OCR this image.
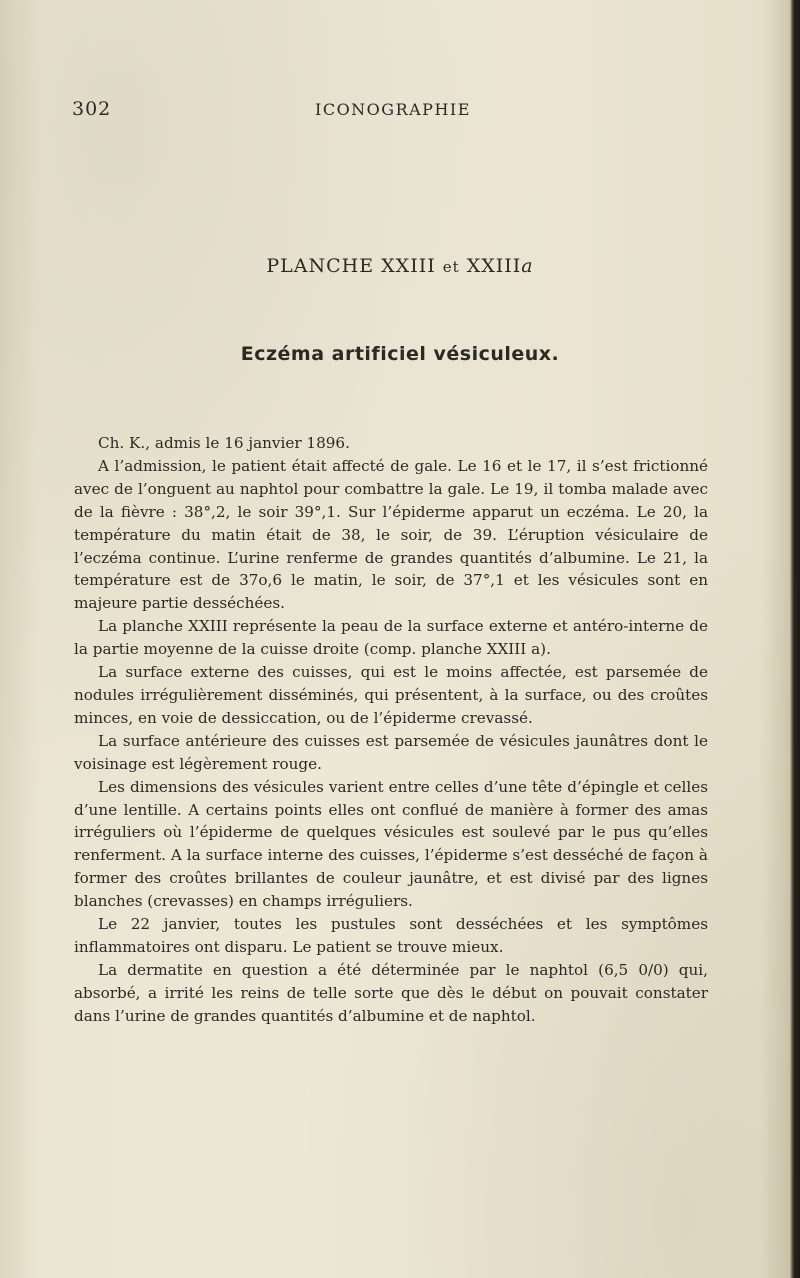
302	ICONOGRAPHIE
PLANCHE XXIII et XXIIIa
Eczéma artificiel vésiculeux.

Ch. K., admis le 16 janvier 1896.

A l’admission, le patient était affecté de gale. Le 16 et le 17, il s’est frictionné avec de l’onguent au naphtol pour combattre la gale. Le 19, il tomba malade avec de la fièvre : 38°,2, le soir 39°,1. Sur l’épiderme apparut un eczéma. Le 20, la température du matin était de 38, le soir, de 39. L’éruption vésiculaire de l’eczéma continue. L’urine renferme de grandes quantités d’albumine. Le 21, la température est de 37o,6 le matin, le soir, de 37°,1 et les vésicules sont en majeure partie desséchées.

La planche XXIII représente la peau de la surface externe et antéro-interne de la partie moyenne de la cuisse droite (comp. planche XXIII a).

La surface externe des cuisses, qui est le moins affectée, est parsemée de nodules irrégulièrement disséminés, qui présentent, à la surface, ou des croûtes minces, en voie de dessiccation, ou de l’épiderme crevassé.

La surface antérieure des cuisses est parsemée de vésicules jaunâtres dont le voisinage est légèrement rouge.

Les dimensions des vésicules varient entre celles d’une tête d’épingle et celles d’une lentille. A certains points elles ont conflué de manière à former des amas irréguliers où l’épiderme de quelques vésicules est soulevé par le pus qu’elles renferment. A la surface interne des cuisses, l’épiderme s’est desséché de façon à former des croûtes brillantes de couleur jaunâtre, et est divisé par des lignes blanches (crevasses) en champs irréguliers.

Le 22 janvier, toutes les pustules sont desséchées et les symptômes inflammatoires ont disparu. Le patient se trouve mieux.

La dermatite en question a été déterminée par le naphtol (6,5 0/0) qui, absorbé, a irrité les reins de telle sorte que dès le début on pouvait constater dans l’urine de grandes quantités d’albumine et de naphtol.
